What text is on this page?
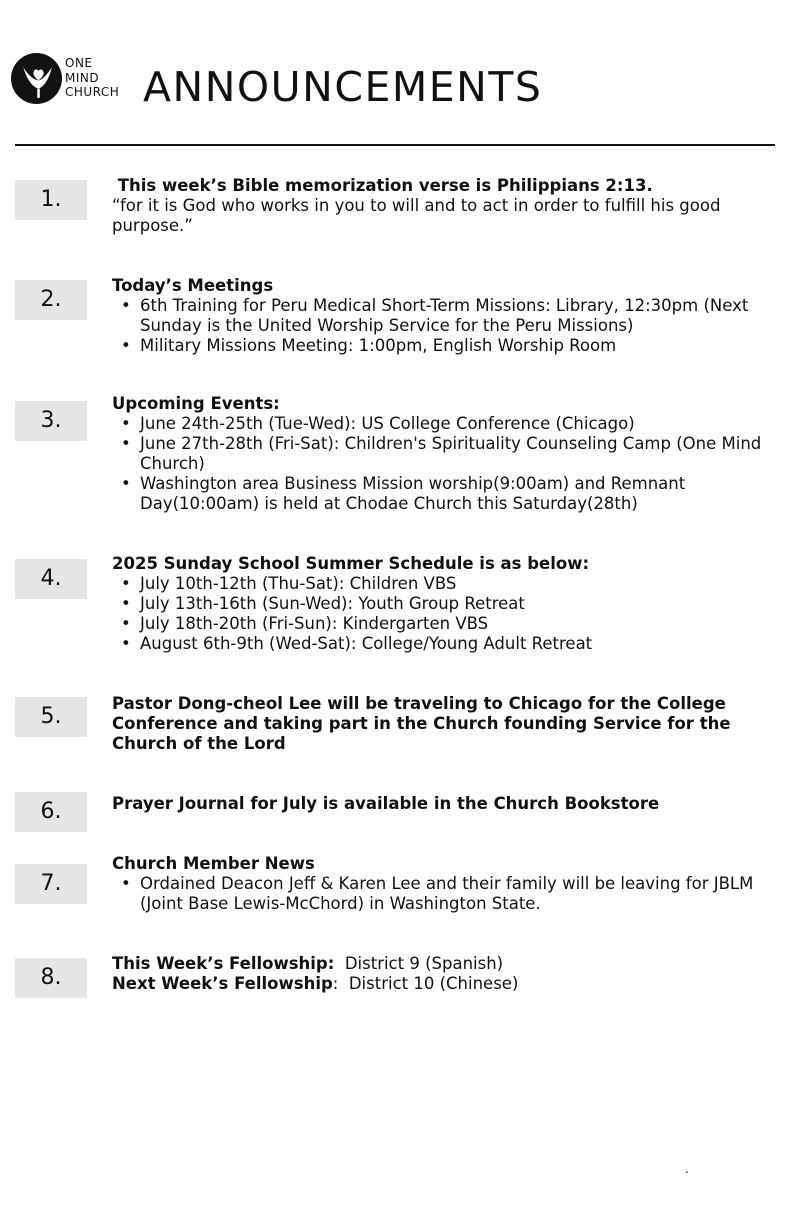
ONE
MIND
CHURCH ANNOUNCEMENTS
1.
This week’s Bible memorization verse is Philippians 2:13.
“for it is God who works in you to will and to act in order to fulfill his good purpose.”
2.
Today’s Meetings
• 6th Training for Peru Medical Short-Term Missions: Library, 12:30pm (Next Sunday is the United Worship Service for the Peru Missions)
• Military Missions Meeting: 1:00pm, English Worship Room
3.
Upcoming Events:
• June 24th-25th (Tue-Wed): US College Conference (Chicago)
• June 27th-28th (Fri-Sat): Children's Spirituality Counseling Camp (One Mind Church)
• Washington area Business Mission worship(9:00am) and Remnant Day(10:00am) is held at Chodae Church this Saturday(28th)
4.
2025 Sunday School Summer Schedule is as below:
• July 10th-12th (Thu-Sat): Children VBS
• July 13th-16th (Sun-Wed): Youth Group Retreat
• July 18th-20th (Fri-Sun): Kindergarten VBS
• August 6th-9th (Wed-Sat): College/Young Adult Retreat
5.
Pastor Dong-cheol Lee will be traveling to Chicago for the College Conference and taking part in the Church founding Service for the Church of the Lord
6.	Prayer Journal for July is available in the Church Bookstore
7.
Church Member News
• Ordained Deacon Jeff & Karen Lee and their family will be leaving for JBLM (Joint Base Lewis-McChord) in Washington State.
8.
This Week’s Fellowship:  District 9 (Spanish)
Next Week’s Fellowship:  District 10 (Chinese)
.
